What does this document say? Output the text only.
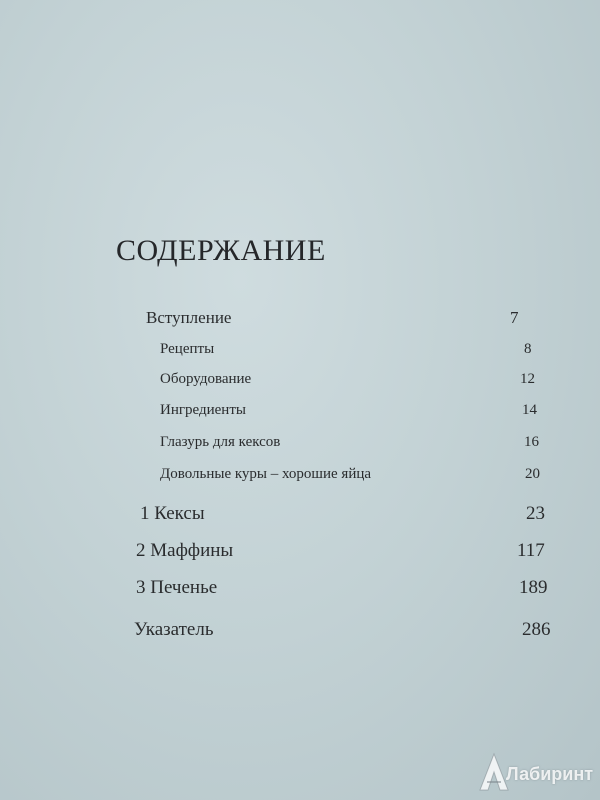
СОДЕРЖАНИЕ
Вступление	7
Рецепты	8
Оборудование	12
Ингредиенты	14
Глазурь для кексов	16
Довольные куры – хорошие яйца	20
1 Кексы	23
2 Маффины	117
3 Печенье	189
Указатель	286
Лабиринт
